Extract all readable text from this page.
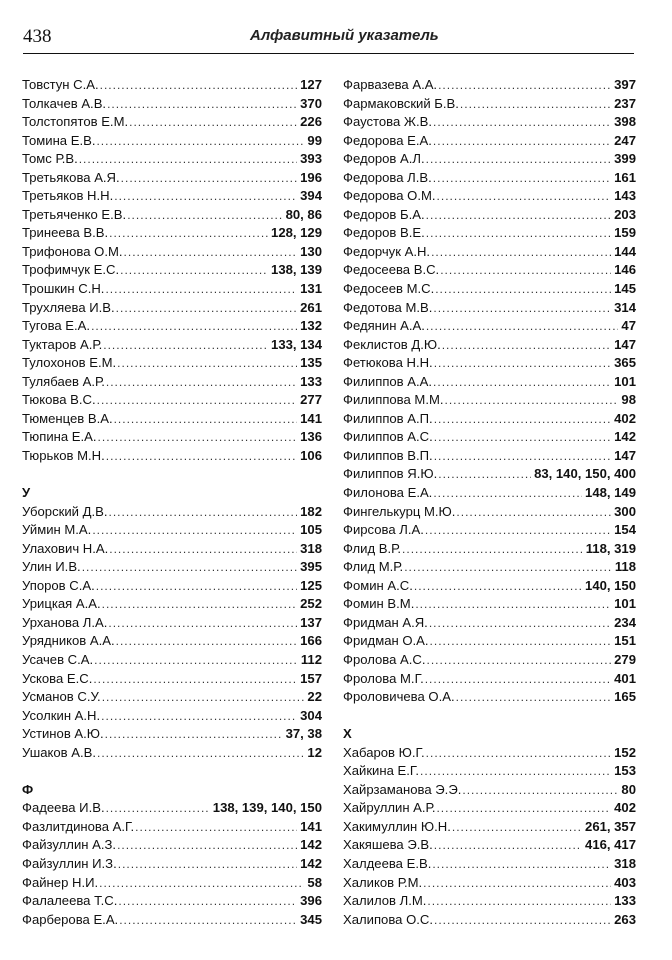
438	Алфавитный указатель
Товстун С.А. .....	127
Толкачев А.В. .....	370
Толстопятов Е.М. .....	226
Томина Е.В. .....	99
Томс Р.В. .....	393
Третьякова А.Я. .....	196
Третьяков Н.Н. .....	394
Третьяченко Е.В. .....	80, 86
Тринеева В.В. .....	128, 129
Трифонова О.М. .....	130
Трофимчук Е.С. .....	138, 139
Трошкин С.Н. .....	131
Трухляева И.В. .....	261
Тугова Е.А. .....	132
Туктаров А.Р. .....	133, 134
Тулохонов Е.М. .....	135
Тулябаев А.Р. .....	133
Тюкова В.С. .....	277
Тюменцев В.А. .....	141
Тюпина Е.А. .....	136
Тюрьков М.Н. .....	106
У
Уборский Д.В. .....	182
Уймин М.А. .....	105
Улахович Н.А. .....	318
Улин И.В. .....	395
Упоров С.А. .....	125
Урицкая А.А. .....	252
Урханова Л.А. .....	137
Урядников А.А. .....	166
Усачев С.А. .....	112
Ускова Е.С. .....	157
Усманов С.У. .....	22
Усолкин А.Н. .....	304
Устинов А.Ю. .....	37, 38
Ушаков А.В. .....	12
Ф
Фадеева И.В. .....	138, 139, 140, 150
Фазлитдинова А.Г. .....	141
Файзуллин А.З. .....	142
Файзуллин И.З. .....	142
Файнер Н.И. .....	58
Фалалеева Т.С. .....	396
Фарберова Е.А. .....	345
Фарвазева А.А. .....	397
Фармаковский Б.В. .....	237
Фаустова Ж.В. .....	398
Федорова Е.А. .....	247
Федоров А.Л. .....	399
Федорова Л.В. .....	161
Федорова О.М. .....	143
Федоров Б.А. .....	203
Федоров В.Е. .....	159
Федорчук А.Н. .....	144
Федосеева В.С. .....	146
Федосеев М.С. .....	145
Федотова М.В. .....	314
Федянин А.А. .....	47
Феклистов Д.Ю. .....	147
Фетюкова Н.Н. .....	365
Филиппов А.А. .....	101
Филиппова М.М. .....	98
Филиппов А.П. .....	402
Филиппов А.С. .....	142
Филиппов В.П. .....	147
Филиппов Я.Ю. .....	83, 140, 150, 400
Филонова Е.А. .....	148, 149
Фингелькурц М.Ю. .....	300
Фирсова Л.А. .....	154
Флид В.Р. .....	118, 319
Флид М.Р. .....	118
Фомин А.С. .....	140, 150
Фомин В.М. .....	101
Фридман А.Я. .....	234
Фридман О.А. .....	151
Фролова А.С. .....	279
Фролова М.Г. .....	401
Фроловичева О.А. .....	165
Х
Хабаров Ю.Г. .....	152
Хайкина Е.Г. .....	153
Хайрзаманова Э.Э. .....	80
Хайруллин А.Р. .....	402
Хакимуллин Ю.Н. .....	261, 357
Хакяшева Э.В. .....	416, 417
Халдеева Е.В. .....	318
Халиков Р.М. .....	403
Халилов Л.М. .....	133
Халипова О.С. .....	263
